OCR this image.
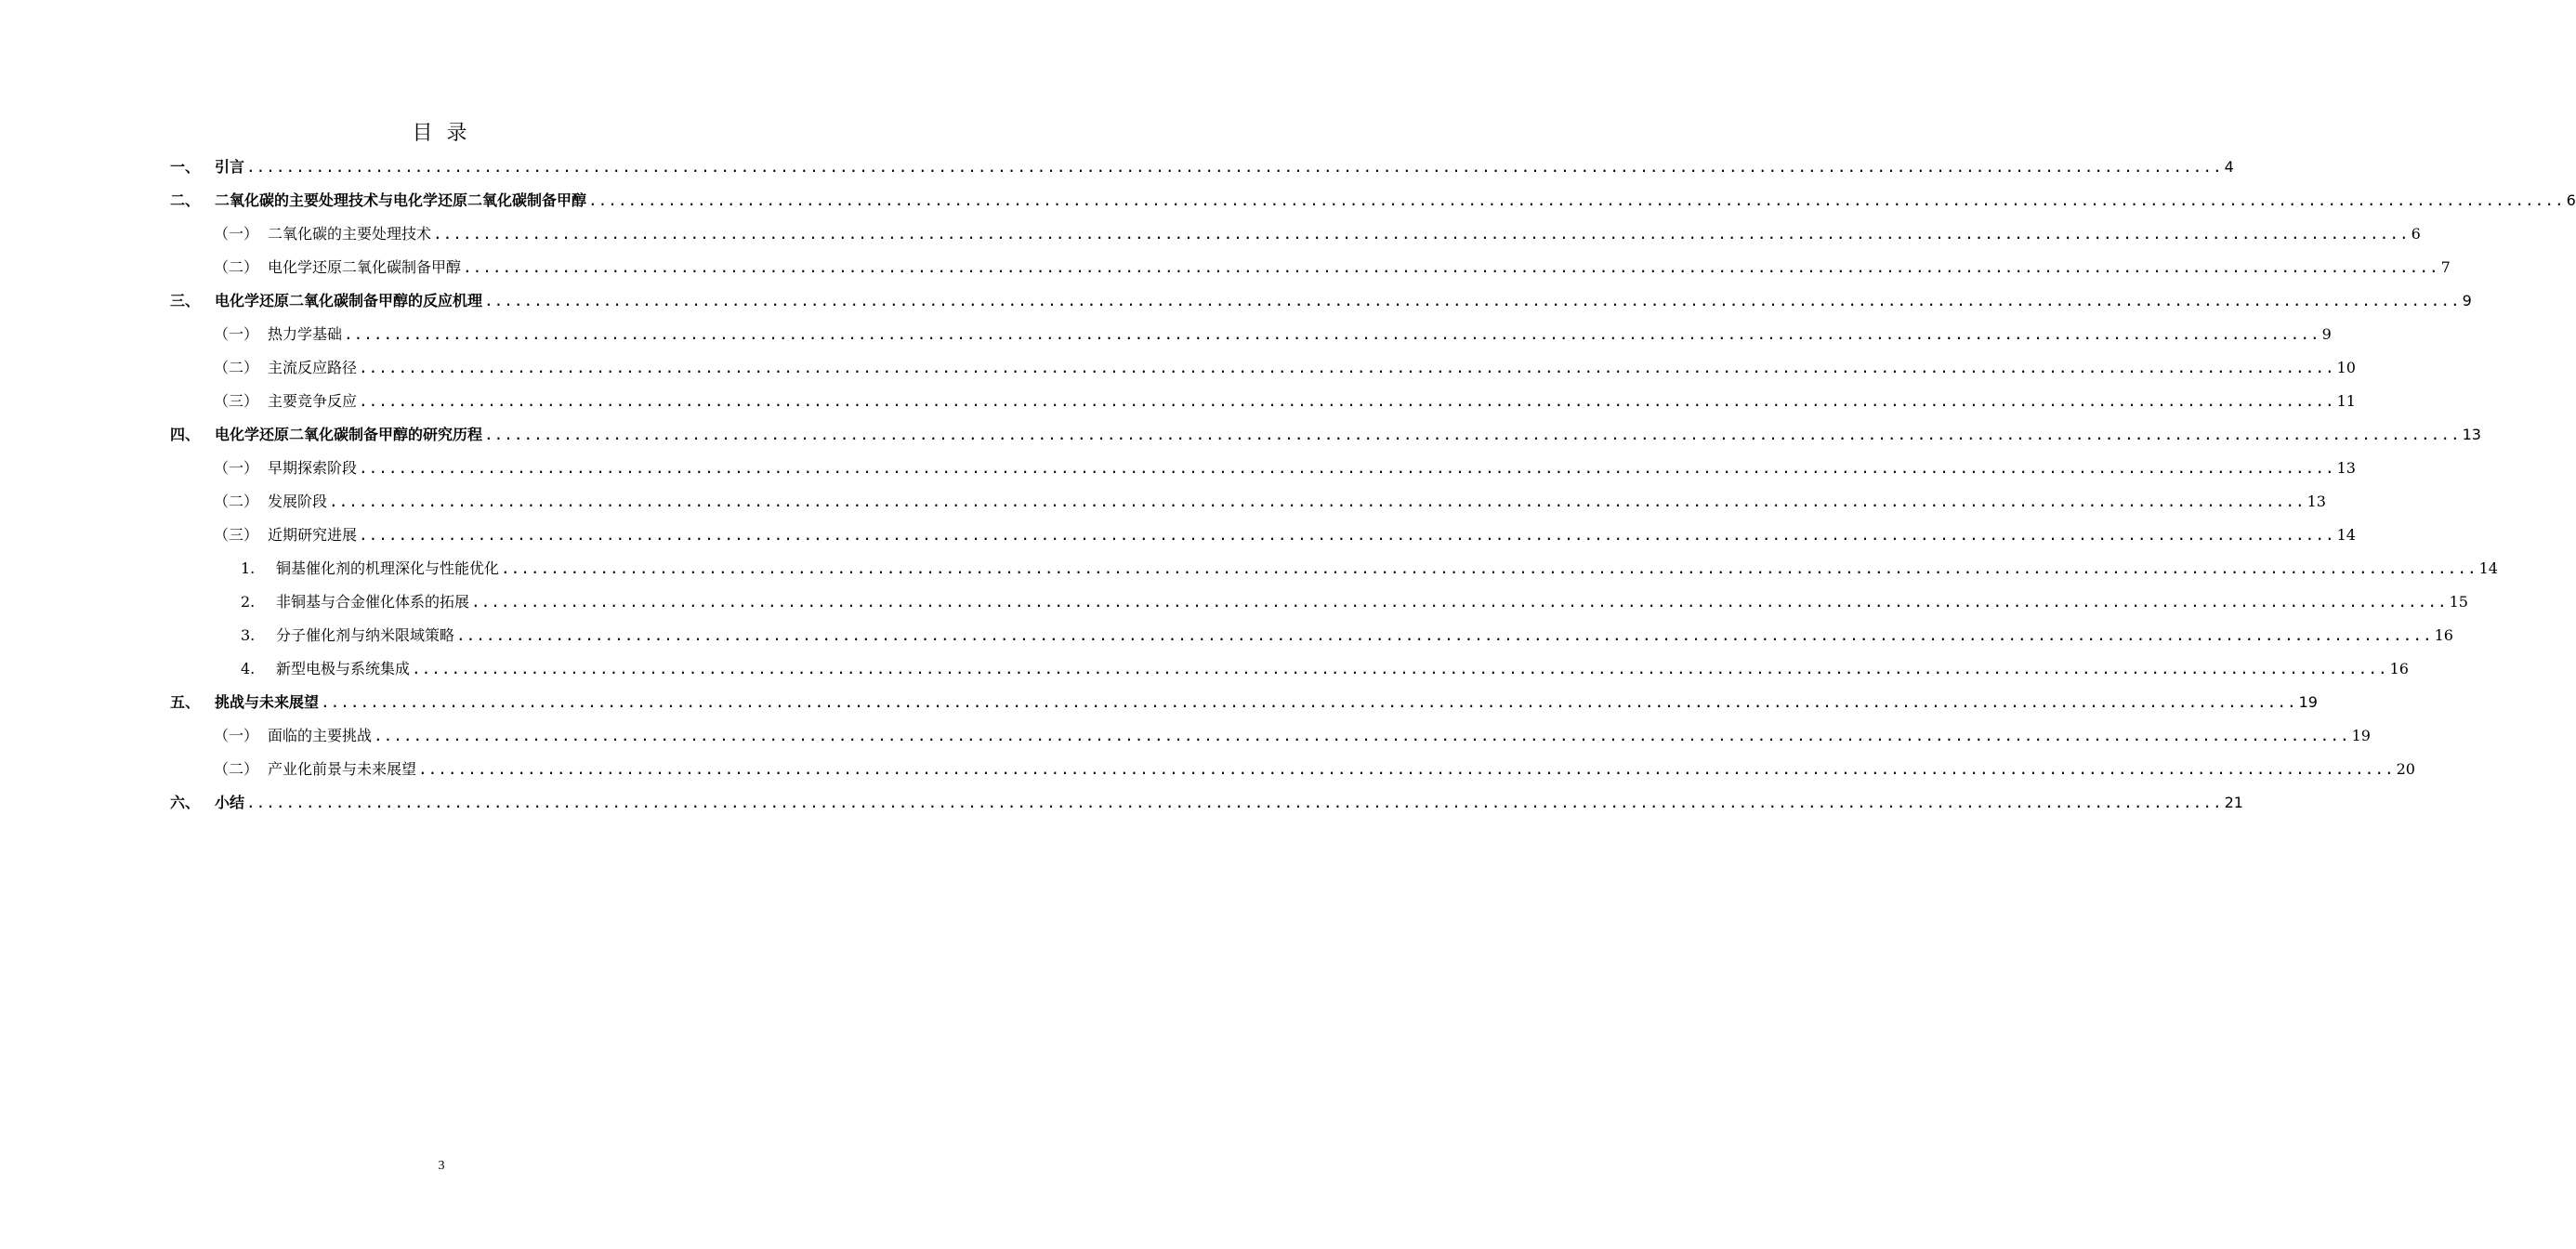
目 录
一、 引言 ........................................................................................................................................................................................................ 4
二、 二氧化碳的主要处理技术与电化学还原二氧化碳制备甲醇 ........................................................................................................................................................................................................ 6
（一） 二氧化碳的主要处理技术 ........................................................................................................................................................................................................ 6
（二） 电化学还原二氧化碳制备甲醇 ........................................................................................................................................................................................................ 7
三、 电化学还原二氧化碳制备甲醇的反应机理 ........................................................................................................................................................................................................ 9
（一） 热力学基础 ........................................................................................................................................................................................................ 9
（二） 主流反应路径 ........................................................................................................................................................................................................ 10
（三） 主要竞争反应 ........................................................................................................................................................................................................ 11
四、 电化学还原二氧化碳制备甲醇的研究历程 ........................................................................................................................................................................................................ 13
（一） 早期探索阶段 ........................................................................................................................................................................................................ 13
（二） 发展阶段 ........................................................................................................................................................................................................ 13
（三） 近期研究进展 ........................................................................................................................................................................................................ 14
1.	铜基催化剂的机理深化与性能优化 ........................................................................................................................................................................................................ 14
2.	非铜基与合金催化体系的拓展 ........................................................................................................................................................................................................ 15
3.	分子催化剂与纳米限域策略 ........................................................................................................................................................................................................ 16
4.	新型电极与系统集成 ........................................................................................................................................................................................................ 16
五、 挑战与未来展望 ........................................................................................................................................................................................................ 19
（一） 面临的主要挑战 ........................................................................................................................................................................................................ 19
（二） 产业化前景与未来展望 ........................................................................................................................................................................................................ 20
六、 小结 ........................................................................................................................................................................................................ 21
3
